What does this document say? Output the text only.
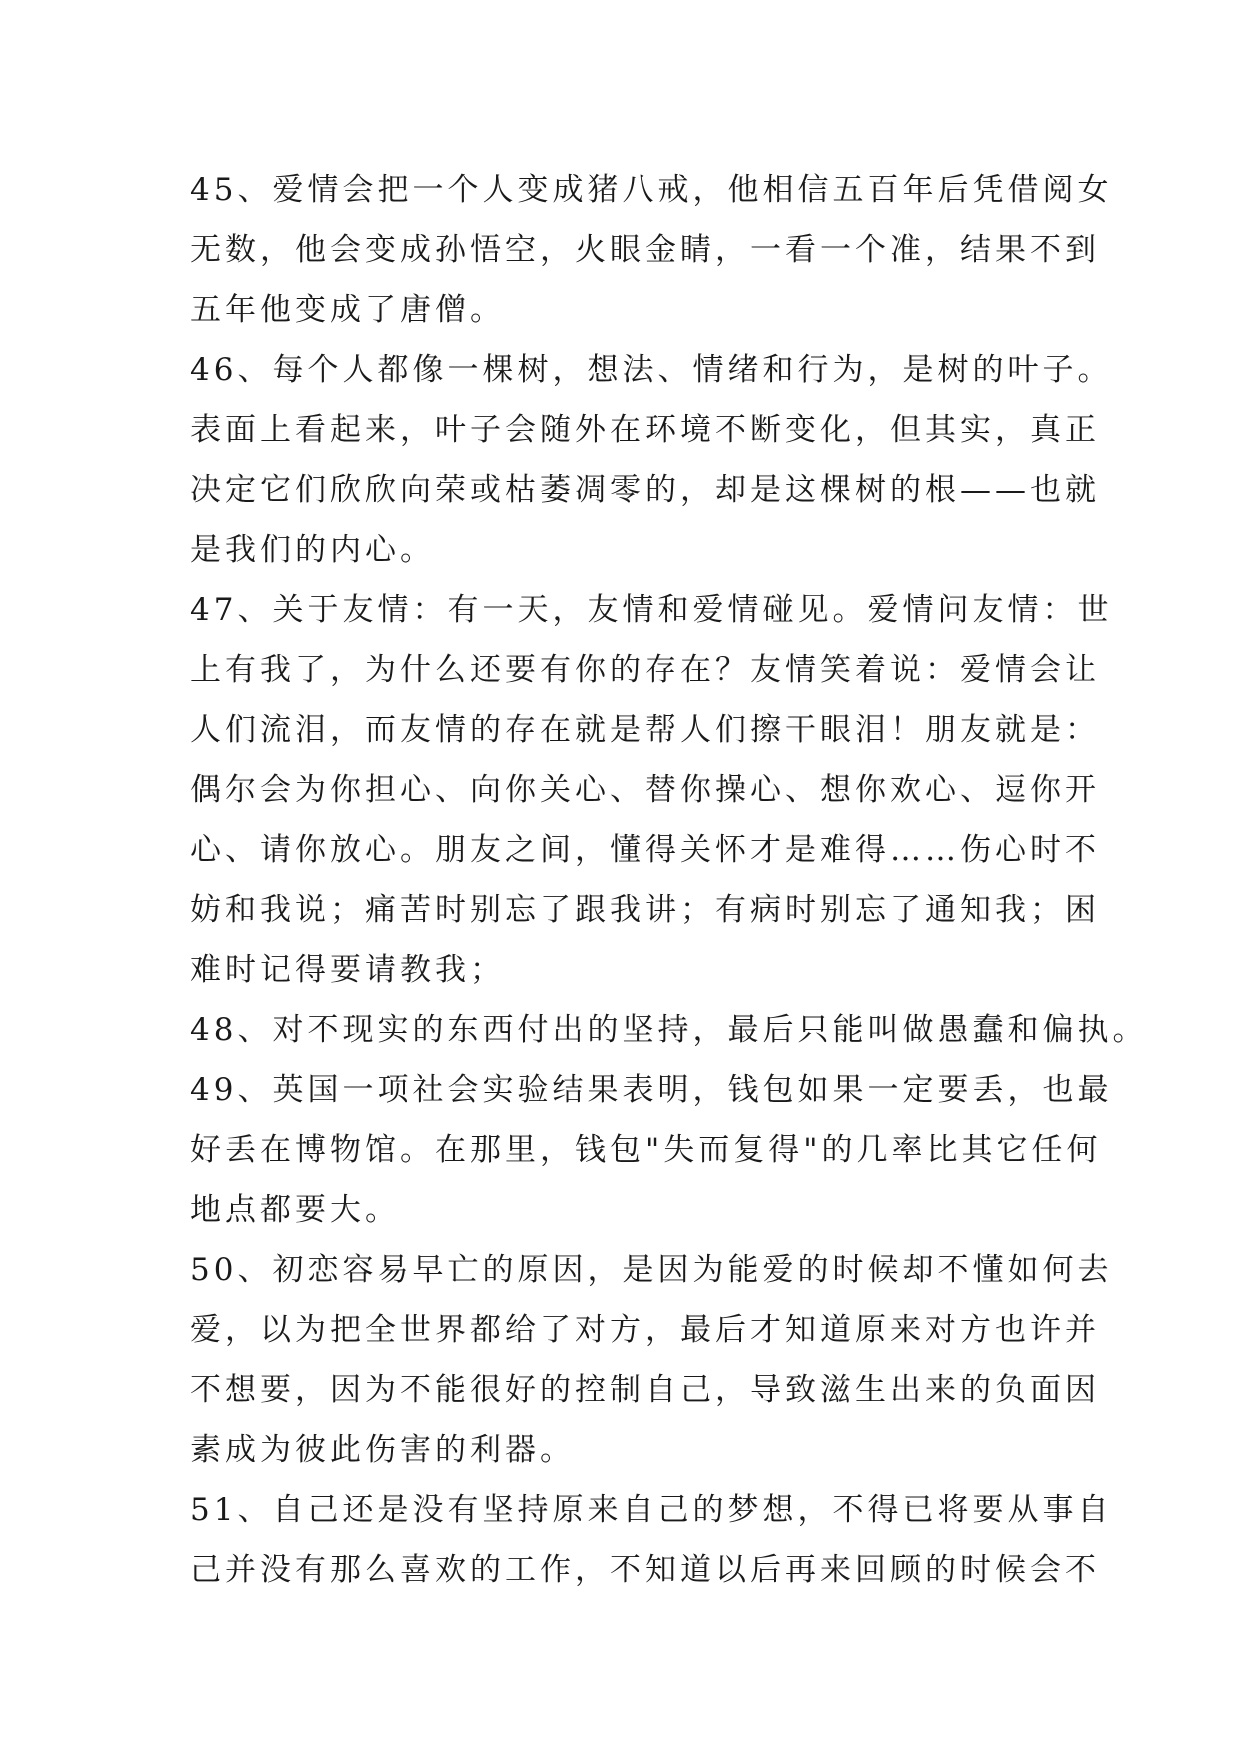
45、爱情会把一个人变成猪八戒，他相信五百年后凭借阅女

无数，他会变成孙悟空，火眼金睛，一看一个准，结果不到

五年他变成了唐僧。

46、每个人都像一棵树，想法、情绪和行为，是树的叶子。

表面上看起来，叶子会随外在环境不断变化，但其实，真正

决定它们欣欣向荣或枯萎凋零的，却是这棵树的根——也就

是我们的内心。

47、关于友情：有一天，友情和爱情碰见。爱情问友情：世

上有我了，为什么还要有你的存在？友情笑着说：爱情会让

人们流泪，而友情的存在就是帮人们擦干眼泪！朋友就是：

偶尔会为你担心、向你关心、替你操心、想你欢心、逗你开

心、请你放心。朋友之间，懂得关怀才是难得……伤心时不

妨和我说；痛苦时别忘了跟我讲；有病时别忘了通知我；困

难时记得要请教我；

48、对不现实的东西付出的坚持，最后只能叫做愚蠢和偏执。

49、英国一项社会实验结果表明，钱包如果一定要丢，也最

好丢在博物馆。在那里，钱包"失而复得"的几率比其它任何

地点都要大。

50、初恋容易早亡的原因，是因为能爱的时候却不懂如何去

爱，以为把全世界都给了对方，最后才知道原来对方也许并

不想要，因为不能很好的控制自己，导致滋生出来的负面因

素成为彼此伤害的利器。

51、自己还是没有坚持原来自己的梦想，不得已将要从事自

己并没有那么喜欢的工作，不知道以后再来回顾的时候会不
